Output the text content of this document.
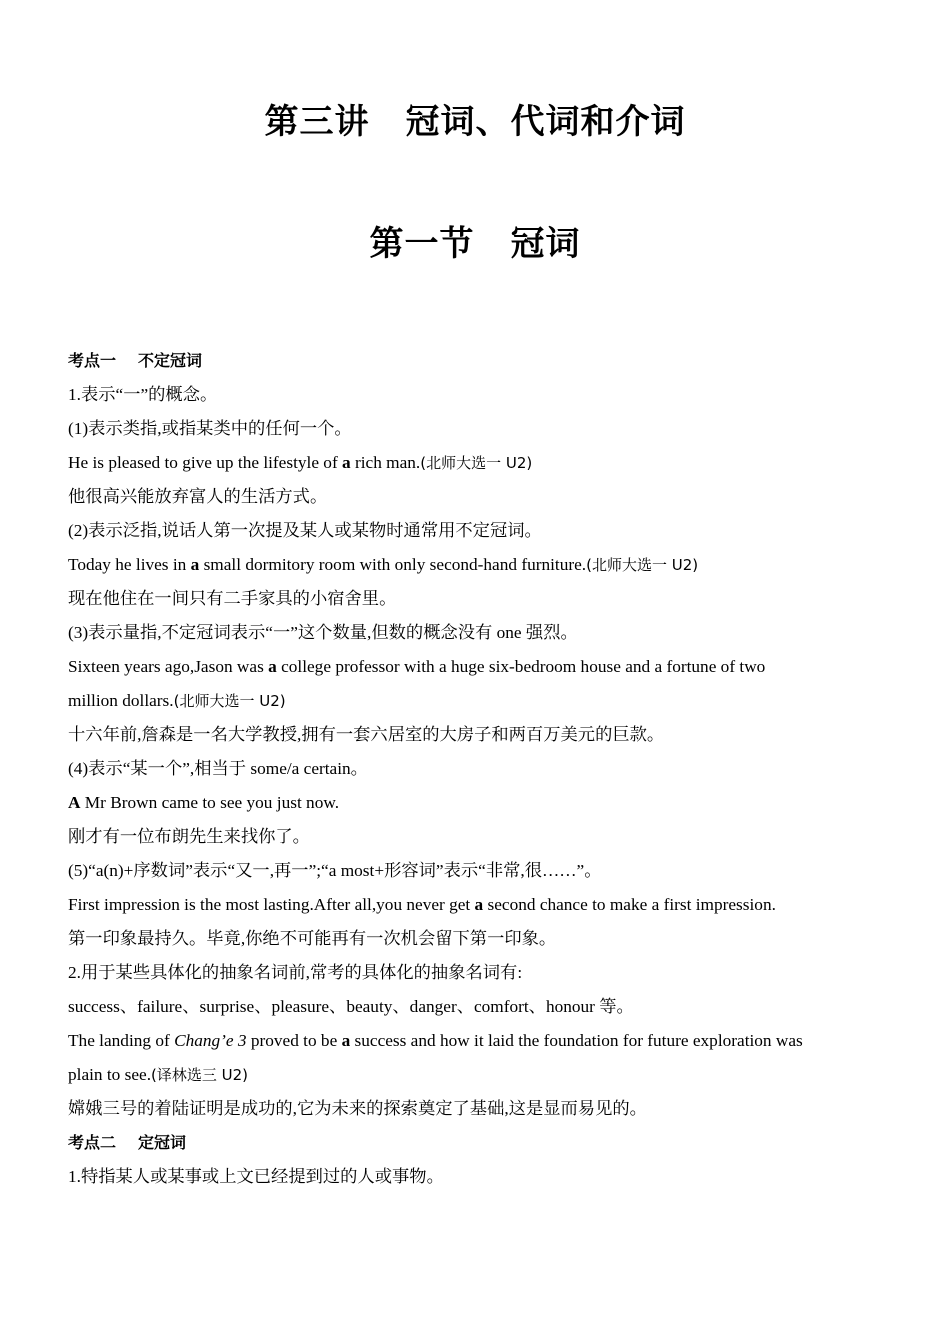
第三讲 冠词、代词和介词
第一节 冠词
考点一 不定冠词
1.表示“一”的概念。
(1)表示类指,或指某类中的任何一个。
He is pleased to give up the lifestyle of a rich man.(北师大选一 U2)
他很高兴能放弃富人的生活方式。
(2)表示泛指,说话人第一次提及某人或某物时通常用不定冠词。
Today he lives in a small dormitory room with only second-hand furniture.(北师大选一 U2)
现在他住在一间只有二手家具的小宿舍里。
(3)表示量指,不定冠词表示“一”这个数量,但数的概念没有 one 强烈。
Sixteen years ago,Jason was a college professor with a huge six-bedroom house and a fortune of two
million dollars.(北师大选一 U2)
十六年前,詹森是一名大学教授,拥有一套六居室的大房子和两百万美元的巨款。
(4)表示“某一个”,相当于 some/a certain。
A Mr Brown came to see you just now.
刚才有一位布朗先生来找你了。
(5)“a(n)+序数词”表示“又一,再一”;“a most+形容词”表示“非常,很……”。
First impression is the most lasting.After all,you never get a second chance to make a first impression.
第一印象最持久。毕竟,你绝不可能再有一次机会留下第一印象。
2.用于某些具体化的抽象名词前,常考的具体化的抽象名词有:
success、failure、surprise、pleasure、beauty、danger、comfort、honour 等。
The landing of Chang’e 3 proved to be a success and how it laid the foundation for future exploration was
plain to see.(译林选三 U2)
嫦娥三号的着陆证明是成功的,它为未来的探索奠定了基础,这是显而易见的。
考点二 定冠词
1.特指某人或某事或上文已经提到过的人或事物。
